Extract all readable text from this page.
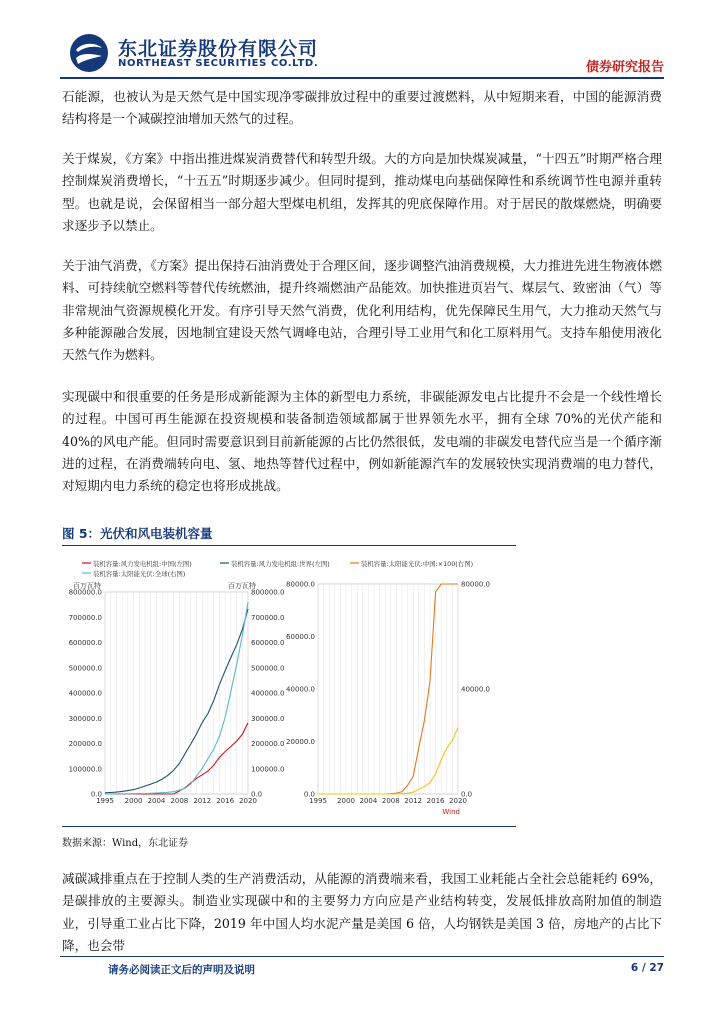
东北证券股份有限公司
NORTHEAST SECURITIES CO.LTD.	债券研究报告

石能源，也被认为是天然气是中国实现净零碳排放过程中的重要过渡燃料，从中短期来看，中国的能源消费结构将是一个减碳控油增加天然气的过程。

关于煤炭，《方案》中指出推进煤炭消费替代和转型升级。大的方向是加快煤炭减量，“十四五”时期严格合理控制煤炭消费增长，“十五五”时期逐步减少。但同时提到，推动煤电向基础保障性和系统调节性电源并重转型。也就是说，会保留相当一部分超大型煤电机组，发挥其的兜底保障作用。对于居民的散煤燃烧，明确要求逐步予以禁止。

关于油气消费，《方案》提出保持石油消费处于合理区间，逐步调整汽油消费规模，大力推进先进生物液体燃料、可持续航空燃料等替代传统燃油，提升终端燃油产品能效。加快推进页岩气、煤层气、致密油（气）等非常规油气资源规模化开发。有序引导天然气消费，优化利用结构，优先保障民生用气，大力推动天然气与多种能源融合发展，因地制宜建设天然气调峰电站，合理引导工业用气和化工原料用气。支持车船使用液化天然气作为燃料。

实现碳中和很重要的任务是形成新能源为主体的新型电力系统，非碳能源发电占比提升不会是一个线性增长的过程。中国可再生能源在投资规模和装备制造领域都属于世界领先水平，拥有全球 70%的光伏产能和 40%的风电产能。但同时需要意识到目前新能源的占比仍然很低，发电端的非碳发电替代应当是一个循序渐进的过程，在消费端转向电、氢、地热等替代过程中，例如新能源汽车的发展较快实现消费端的电力替代，对短期内电力系统的稳定也将形成挑战。

图 5：光伏和风电装机容量
装机容量:风力发电机组:中国(左图)	装机容量:风力发电机组:世界(左图)	装机容量:太阳能光伏:中国:×100(右图)
装机容量:太阳能光伏:全球(右图)
0.0
100000.0
200000.0
300000.0
400000.0
500000.0
600000.0
700000.0
800000.0
0.0
100000.0
200000.0
300000.0
400000.0
500000.0
600000.0
700000.0
800000.0
百万瓦特	百万瓦特
1995 2000 2004 2008 2012 2016 2020
0.0
20000.0
40000.0
60000.0
80000.0
0.0
40000.0
80000.0
1995 2000 2004 2008 2012 2016 2020
Wind
数据来源：Wind，东北证券

减碳减排重点在于控制人类的生产消费活动，从能源的消费端来看，我国工业耗能占全社会总能耗约 69%，是碳排放的主要源头。制造业实现碳中和的主要努力方向应是产业结构转变，发展低排放高附加值的制造业，引导重工业占比下降，2019 年中国人均水泥产量是美国 6 倍，人均钢铁是美国 3 倍，房地产的占比下降，也会带

请务必阅读正文后的声明及说明	6 / 27
